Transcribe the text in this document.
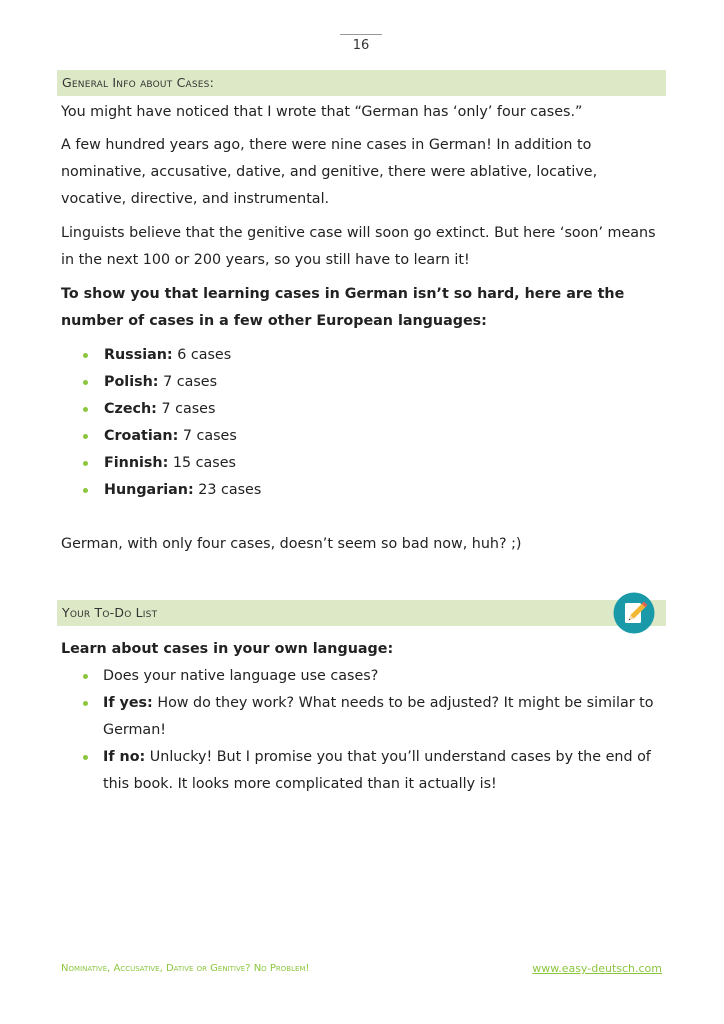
16
General Info about Cases:

You might have noticed that I wrote that “German has ‘only’ four cases.”

A few hundred years ago, there were nine cases in German! In addition to nominative, accusative, dative, and genitive, there were ablative, locative, vocative, directive, and instrumental.

Linguists believe that the genitive case will soon go extinct. But here ‘soon’ means in the next 100 or 200 years, so you still have to learn it!

To show you that learning cases in German isn’t so hard, here are the number of cases in a few other European languages:

Russian: 6 cases
Polish: 7 cases
Czech: 7 cases
Croatian: 7 cases
Finnish: 15 cases
Hungarian: 23 cases

German, with only four cases, doesn’t seem so bad now, huh? ;)

Your To-Do List

Learn about cases in your own language:

Does your native language use cases?
If yes: How do they work? What needs to be adjusted? It might be similar to German!
If no: Unlucky! But I promise you that you’ll understand cases by the end of this book. It looks more complicated than it actually is!
Nominative, Accusative, Dative or Genitive? No Problem!	www.easy-deutsch.com
